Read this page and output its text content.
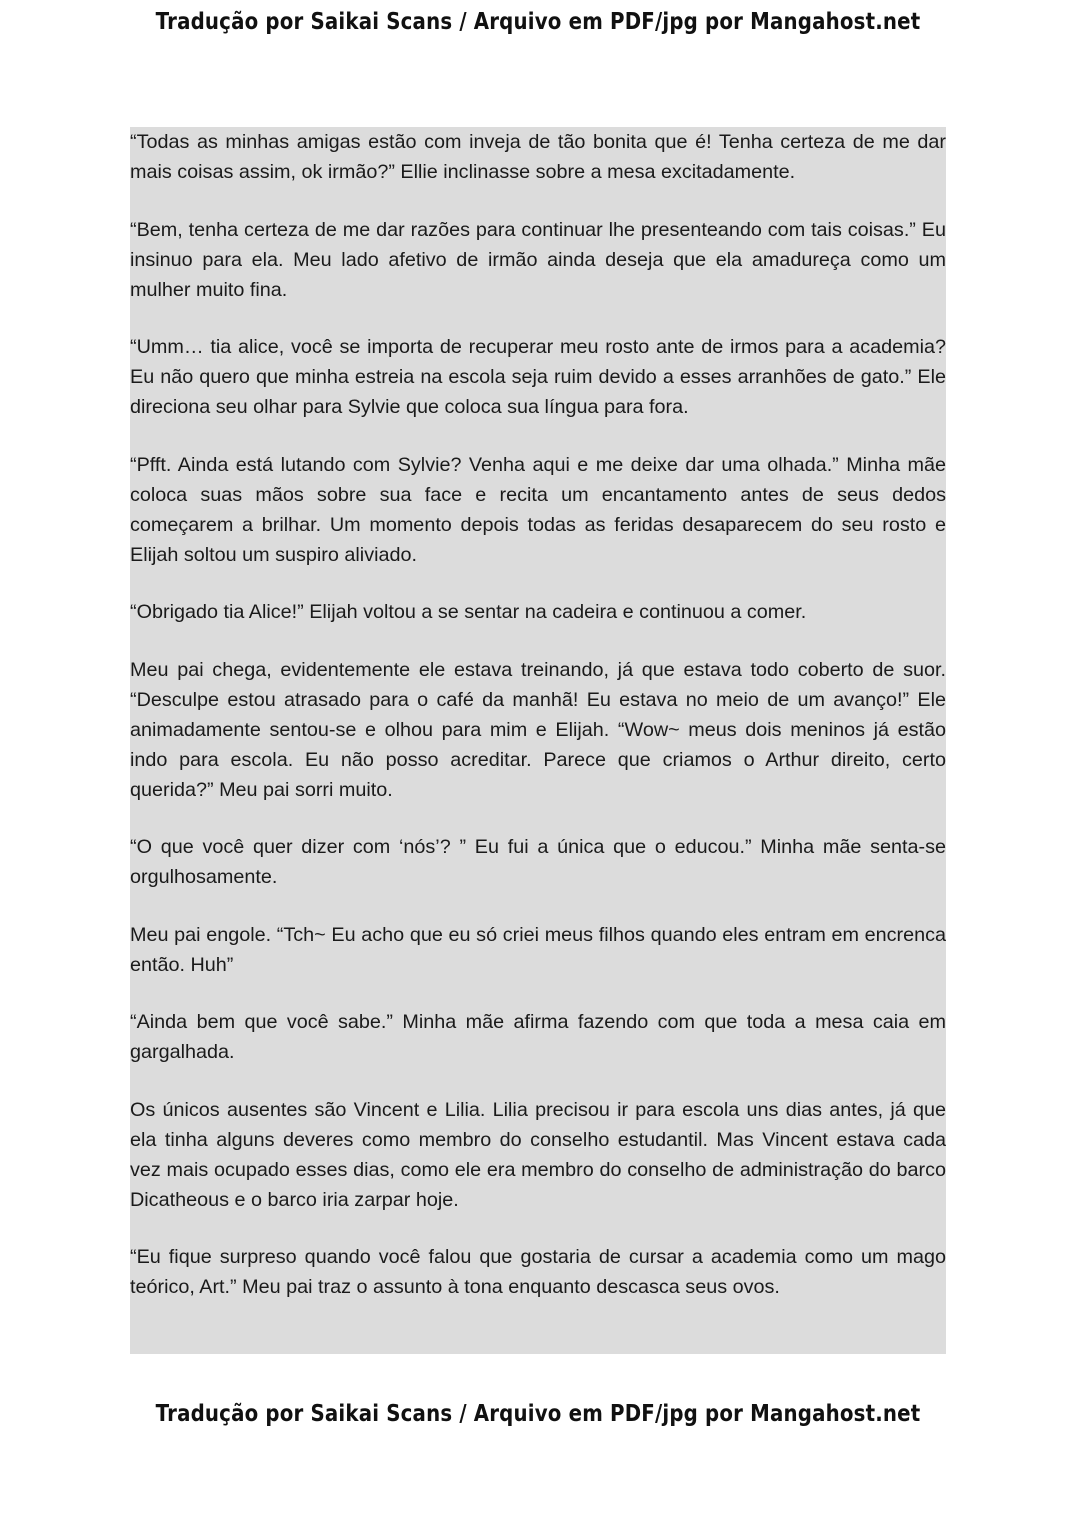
Tradução por Saikai Scans / Arquivo em PDF/jpg por Mangahost.net

“Todas as minhas amigas estão com inveja de tão bonita que é! Tenha certeza de me dar mais coisas assim, ok irmão?” Ellie inclinasse sobre a mesa excitadamente.

“Bem, tenha certeza de me dar razões para continuar lhe presenteando com tais coisas.” Eu insinuo para ela. Meu lado afetivo de irmão ainda deseja que ela amadureça como um mulher muito fina.

“Umm… tia alice, você se importa de recuperar meu rosto ante de irmos para a academia? Eu não quero que minha estreia na escola seja ruim devido a esses arranhões de gato.” Ele direciona seu olhar para Sylvie que coloca sua língua para fora.

“Pfft. Ainda está lutando com Sylvie? Venha aqui e me deixe dar uma olhada.” Minha mãe coloca suas mãos sobre sua face e recita um encantamento antes de seus dedos começarem a brilhar. Um momento depois todas as feridas desaparecem do seu rosto e Elijah soltou um suspiro aliviado.

“Obrigado tia Alice!” Elijah voltou a se sentar na cadeira e continuou a comer.

Meu pai chega, evidentemente ele estava treinando, já que estava todo coberto de suor. “Desculpe estou atrasado para o café da manhã! Eu estava no meio de um avanço!” Ele animadamente sentou-se e olhou para mim e Elijah. “Wow~ meus dois meninos já estão indo para escola. Eu não posso acreditar. Parece que criamos o Arthur direito, certo querida?” Meu pai sorri muito.

“O que você quer dizer com ‘nós’? ” Eu fui a única que o educou.” Minha mãe senta-se orgulhosamente.

Meu pai engole. “Tch~ Eu acho que eu só criei meus filhos quando eles entram em encrenca então. Huh”

“Ainda bem que você sabe.” Minha mãe afirma fazendo com que toda a mesa caia em gargalhada.

Os únicos ausentes são Vincent e Lilia. Lilia precisou ir para escola uns dias antes, já que ela tinha alguns deveres como membro do conselho estudantil. Mas Vincent estava cada vez mais ocupado esses dias, como ele era membro do conselho de administração do barco Dicatheous e o barco iria zarpar hoje.

“Eu fique surpreso quando você falou que gostaria de cursar a academia como um mago teórico, Art.” Meu pai traz o assunto à tona enquanto descasca seus ovos.

Tradução por Saikai Scans / Arquivo em PDF/jpg por Mangahost.net
